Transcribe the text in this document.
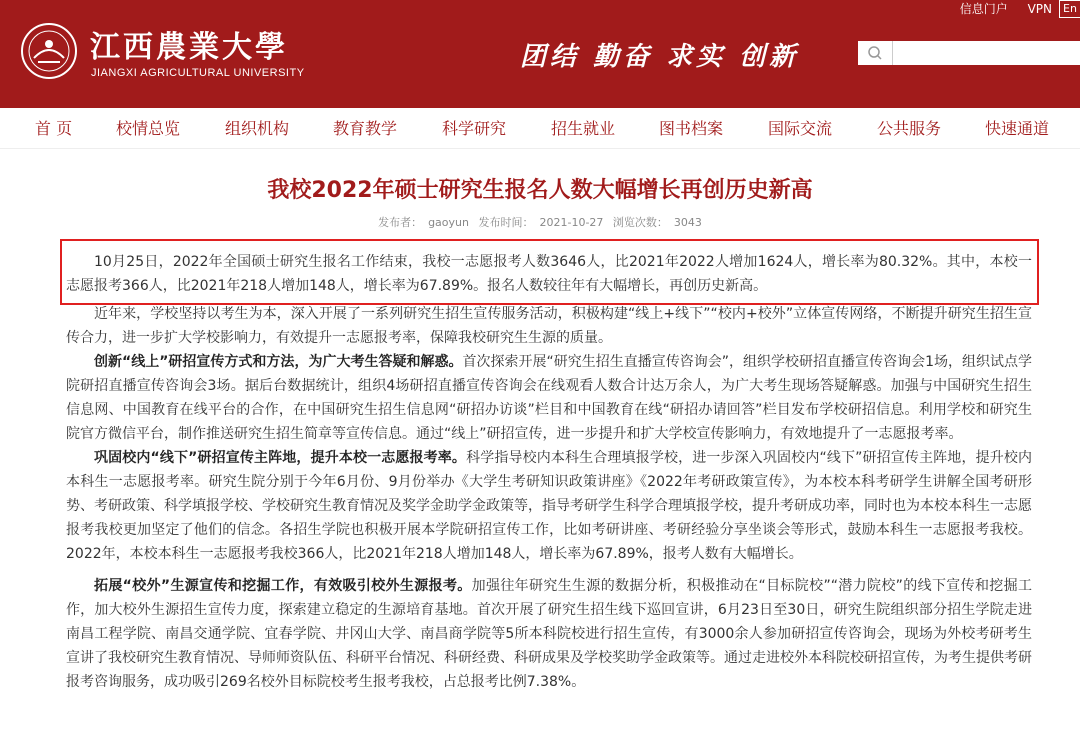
江西農業大學
JIANGXI AGRICULTURAL UNIVERSITY
团结 勤奋 求实 创新
信息门户 VPN	En
首 页	校情总览	组织机构	教育教学	科学研究	招生就业	图书档案	国际交流	公共服务	快速通道
我校2022年硕士研究生报名人数大幅增长再创历史新高
发布者： gaoyun 发布时间： 2021-10-27 浏览次数： 3043

10月25日，2022年全国硕士研究生报名工作结束，我校一志愿报考人数3646人，比2021年2022人增加1624人，增长率为80.32%。其中，本校一志愿报考366人，比2021年218人增加148人，增长率为67.89%。报名人数较往年有大幅增长，再创历史新高。

近年来，学校坚持以考生为本，深入开展了一系列研究生招生宣传服务活动，积极构建“线上+线下”“校内+校外”立体宣传网络，不断提升研究生招生宣传合力，进一步扩大学校影响力，有效提升一志愿报考率，保障我校研究生生源的质量。

创新“线上”研招宣传方式和方法，为广大考生答疑和解惑。首次探索开展“研究生招生直播宣传咨询会”，组织学校研招直播宣传咨询会1场，组织试点学院研招直播宣传咨询会3场。据后台数据统计，组织4场研招直播宣传咨询会在线观看人数合计达万余人，为广大考生现场答疑解惑。加强与中国研究生招生信息网、中国教育在线平台的合作，在中国研究生招生信息网“研招办访谈”栏目和中国教育在线“研招办请回答”栏目发布学校研招信息。利用学校和研究生院官方微信平台，制作推送研究生招生简章等宣传信息。通过“线上”研招宣传，进一步提升和扩大学校宣传影响力，有效地提升了一志愿报考率。

巩固校内“线下”研招宣传主阵地，提升本校一志愿报考率。科学指导校内本科生合理填报学校，进一步深入巩固校内“线下”研招宣传主阵地，提升校内本科生一志愿报考率。研究生院分别于今年6月份、9月份举办《大学生考研知识政策讲座》《2022年考研政策宣传》，为本校本科考研学生讲解全国考研形势、考研政策、科学填报学校、学校研究生教育情况及奖学金助学金政策等，指导考研学生科学合理填报学校，提升考研成功率，同时也为本校本科生一志愿报考我校更加坚定了他们的信念。各招生学院也积极开展本学院研招宣传工作，比如考研讲座、考研经验分享坐谈会等形式，鼓励本科生一志愿报考我校。2022年，本校本科生一志愿报考我校366人，比2021年218人增加148人，增长率为67.89%，报考人数有大幅增长。

拓展“校外”生源宣传和挖掘工作，有效吸引校外生源报考。加强往年研究生生源的数据分析，积极推动在“目标院校”“潜力院校”的线下宣传和挖掘工作，加大校外生源招生宣传力度，探索建立稳定的生源培育基地。首次开展了研究生招生线下巡回宣讲，6月23日至30日，研究生院组织部分招生学院走进南昌工程学院、南昌交通学院、宜春学院、井冈山大学、南昌商学院等5所本科院校进行招生宣传，有3000余人参加研招宣传咨询会，现场为外校考研考生宣讲了我校研究生教育情况、导师师资队伍、科研平台情况、科研经费、科研成果及学校奖助学金政策等。通过走进校外本科院校研招宣传，为考生提供考研报考咨询服务，成功吸引269名校外目标院校考生报考我校，占总报考比例7.38%。
